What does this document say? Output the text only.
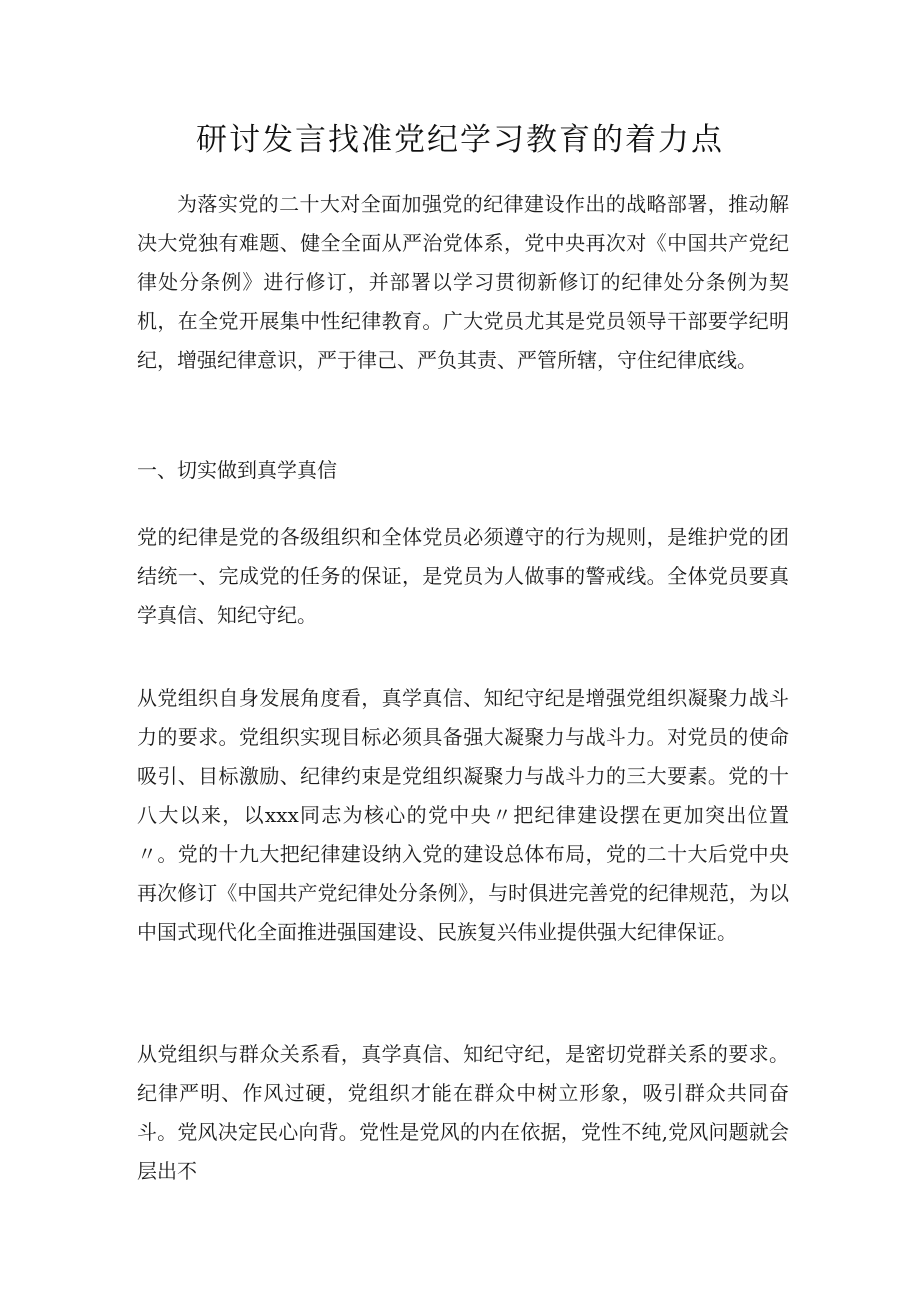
研讨发言找准党纪学习教育的着力点

为落实党的二十大对全面加强党的纪律建设作出的战略部署，推动解决大党独有难题、健全全面从严治党体系，党中央再次对《中国共产党纪律处分条例》进行修订，并部署以学习贯彻新修订的纪律处分条例为契机，在全党开展集中性纪律教育。广大党员尤其是党员领导干部要学纪明纪，增强纪律意识，严于律己、严负其责、严管所辖，守住纪律底线。

一、切实做到真学真信

党的纪律是党的各级组织和全体党员必须遵守的行为规则，是维护党的团结统一、完成党的任务的保证，是党员为人做事的警戒线。全体党员要真学真信、知纪守纪。

从党组织自身发展角度看，真学真信、知纪守纪是增强党组织凝聚力战斗力的要求。党组织实现目标必须具备强大凝聚力与战斗力。对党员的使命吸引、目标激励、纪律约束是党组织凝聚力与战斗力的三大要素。党的十八大以来，以xxx同志为核心的党中央〃把纪律建设摆在更加突出位置〃。党的十九大把纪律建设纳入党的建设总体布局，党的二十大后党中央再次修订《中国共产党纪律处分条例》，与时俱进完善党的纪律规范，为以中国式现代化全面推进强国建设、民族复兴伟业提供强大纪律保证。

从党组织与群众关系看，真学真信、知纪守纪，是密切党群关系的要求。纪律严明、作风过硬，党组织才能在群众中树立形象，吸引群众共同奋斗。党风决定民心向背。党性是党风的内在依据，党性不纯,党风问题就会层出不
